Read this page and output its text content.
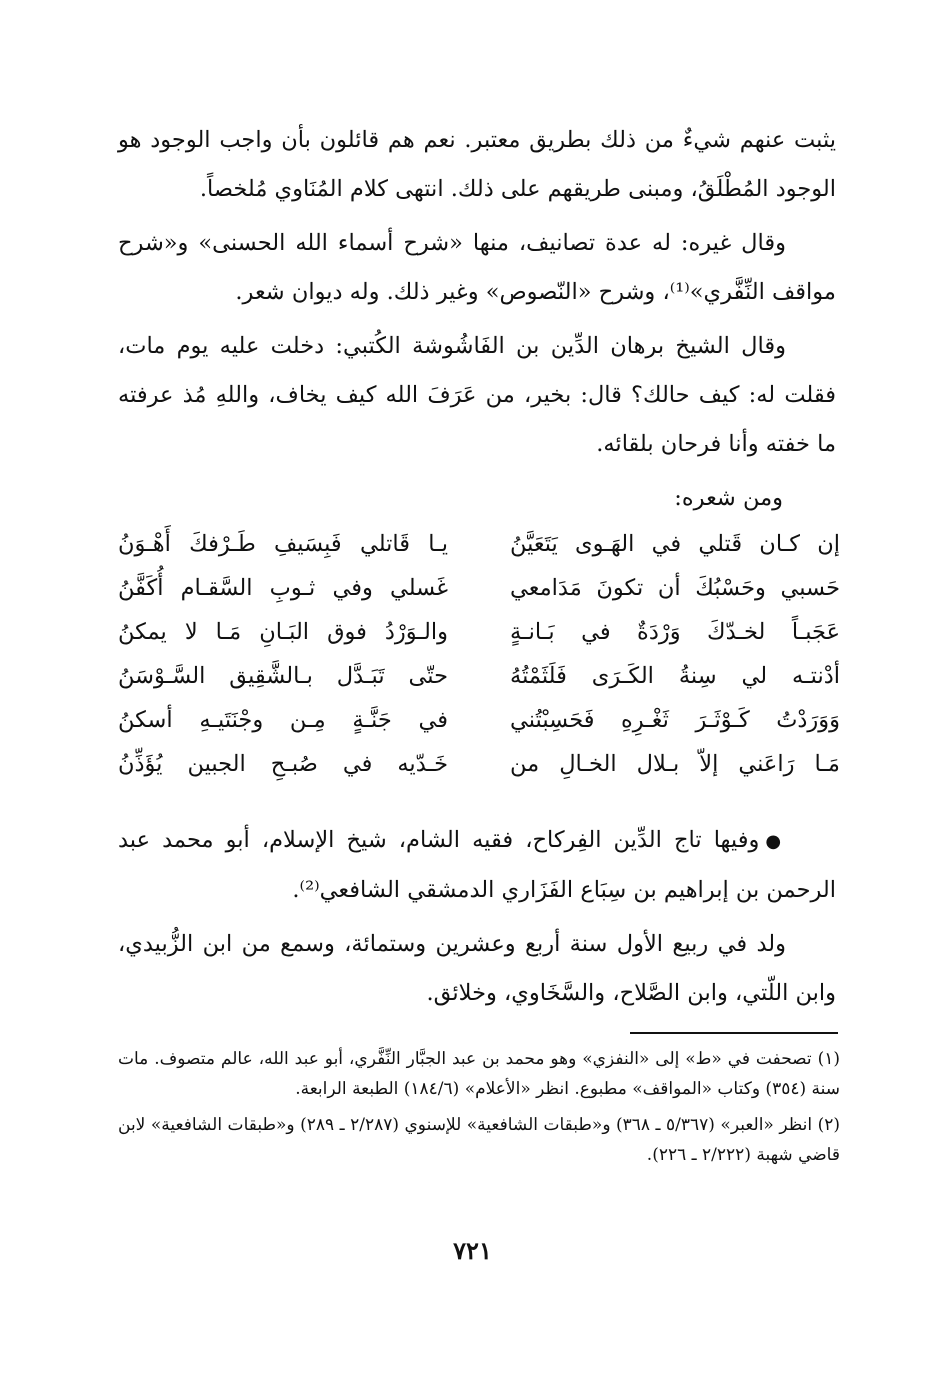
يثبت عنهم شيءٌ من ذلك بطريق معتبر. نعم هم قائلون بأن واجب الوجود هو الوجود المُطْلَقُ، ومبنى طريقهم على ذلك. انتهى كلام المُنَاوي مُلخصاً.

وقال غيره: له عدة تصانيف، منها «شرح أسماء الله الحسنى» و«شرح مواقف النِّفَّري»⁽¹⁾، وشرح «النّصوص» وغير ذلك. وله ديوان شعر.

وقال الشيخ برهان الدِّين بن الفَاشُوشة الكُتبي: دخلت عليه يوم مات، فقلت له: كيف حالك؟ قال: بخير، من عَرَفَ الله كيف يخاف، واللهِ مُذ عرفته ما خفته وأنا فرحان بلقائه.

ومن شعره:

إن كـان قَتلي في الهَـوى يَتَعَيَّنُ
يـا قَاتلي فَبِسَيفِ طَـرْفكَ أَهْـوَنُ
حَسبي وحَسْبُكَ أن تكونَ مَدَامعي
غَسلي وفي ثـوبِ السَّقـام أُكَفَّنُ
عَجَبـاً لخـدّكَ وَرْدَةٌ في بَـانـةٍ
والـوَرْدُ فوق البَـانِ مَـا لا يمكنُ
أدْنتـه لي سِنةُ الكَـرَى فَلَثَمْتُهُ
حتّى تَبَـدَّل بـالشَّقِيق السَّـوْسَنُ
وَوَرَدْتُ كَـوْثَـرَ ثَغْـرِهِ فَحَسِبْتُني
في جَنَّـةٍ مِـن وجْنَتَيـهِ أسكنُ
مَـا رَاعَني إلاّ بـلال الخـالِ من
خَـدّيه في صُبـحِ الجبين يُؤَذِّنُ

●وفيها تاج الدِّين الفِركاح، فقيه الشام، شيخ الإسلام، أبو محمد عبد الرحمن بن إبراهيم بن سِبَاع الفَزَاري الدمشقي الشافعي⁽²⁾.

ولد في ربيع الأول سنة أربع وعشرين وستمائة، وسمع من ابن الزُّبيدي، وابن اللّتي، وابن الصَّلاح، والسَّخَاوي، وخلائق.

(١) تصحفت في «ط» إلى «النفزي» وهو محمد بن عبد الجبَّار النِّفَّري، أبو عبد الله، عالم متصوف. مات سنة (٣٥٤) وكتاب «المواقف» مطبوع. انظر «الأعلام» (١٨٤/٦) الطبعة الرابعة.

(٢) انظر «العبر» (٥/٣٦٧ ـ ٣٦٨) و«طبقات الشافعية» للإسنوي (٢/٢٨٧ ـ ٢٨٩) و«طبقات الشافعية» لابن قاضي شهبة (٢/٢٢٢ ـ ٢٢٦).

٧٢١
